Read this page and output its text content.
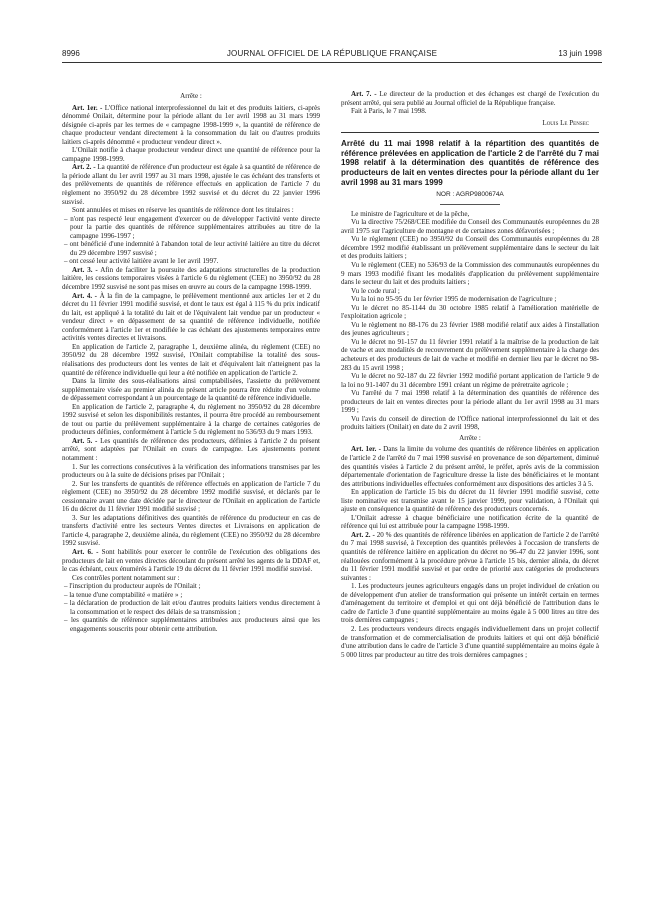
8996	JOURNAL OFFICIEL DE LA RÉPUBLIQUE FRANÇAISE	13 juin 1998

Arrête :

Art. 1er. - L'Office national interprofessionnel du lait et des produits laitiers, ci-après dénommé Onilait, détermine pour la période allant du 1er avril 1998 au 31 mars 1999 désignée ci-après par les termes de « campagne 1998-1999 », la quantité de référence de chaque producteur vendant directement à la consommation du lait ou d'autres produits laitiers ci-après dénommé « producteur vendeur direct ».

L'Onilait notifie à chaque producteur vendeur direct une quantité de référence pour la campagne 1998-1999.

Art. 2. - La quantité de référence d'un producteur est égale à sa quantité de référence de la période allant du 1er avril 1997 au 31 mars 1998, ajustée le cas échéant des transferts et des prélèvements de quantités de référence effectués en application de l'article 7 du règlement no 3950/92 du 28 décembre 1992 susvisé et du décret du 22 janvier 1996 susvisé.

Sont annulées et mises en réserve les quantités de référence dont les titulaires :

– n'ont pas respecté leur engagement d'exercer ou de développer l'activité vente directe pour la partie des quantités de référence supplémentaires attribuées au titre de la campagne 1996-1997 ;

– ont bénéficié d'une indemnité à l'abandon total de leur activité laitière au titre du décret du 29 décembre 1997 susvisé ;

– ont cessé leur activité laitière avant le 1er avril 1997.

Art. 3. - Afin de faciliter la poursuite des adaptations structurelles de la production laitière, les cessions temporaires visées à l'article 6 du règlement (CEE) no 3950/92 du 28 décembre 1992 susvisé ne sont pas mises en œuvre au cours de la campagne 1998-1999.

Art. 4. - À la fin de la campagne, le prélèvement mentionné aux articles 1er et 2 du décret du 11 février 1991 modifié susvisé, et dont le taux est égal à 115 % du prix indicatif du lait, est appliqué à la totalité du lait et de l'équivalent lait vendue par un producteur « vendeur direct » en dépassement de sa quantité de référence individuelle, notifiée conformément à l'article 1er et modifiée le cas échéant des ajustements temporaires entre activités ventes directes et livraisons.

En application de l'article 2, paragraphe 1, deuxième alinéa, du règlement (CEE) no 3950/92 du 28 décembre 1992 susvisé, l'Onilait comptabilise la totalité des sous-réalisations des producteurs dont les ventes de lait et d'équivalent lait n'atteignent pas la quantité de référence individuelle qui leur a été notifiée en application de l'article 2.

Dans la limite des sous-réalisations ainsi comptabilisées, l'assiette du prélèvement supplémentaire visée au premier alinéa du présent article pourra être réduite d'un volume de dépassement correspondant à un pourcentage de la quantité de référence individuelle.

En application de l'article 2, paragraphe 4, du règlement no 3950/92 du 28 décembre 1992 susvisé et selon les disponibilités restantes, il pourra être procédé au remboursement de tout ou partie du prélèvement supplémentaire à la charge de certaines catégories de producteurs définies, conformément à l'article 5 du règlement no 536/93 du 9 mars 1993.

Art. 5. - Les quantités de référence des producteurs, définies à l'article 2 du présent arrêté, sont adaptées par l'Onilait en cours de campagne. Les ajustements portent notamment :

1. Sur les corrections consécutives à la vérification des informations transmises par les producteurs ou à la suite de décisions prises par l'Onilait ;

2. Sur les transferts de quantités de référence effectués en application de l'article 7 du règlement (CEE) no 3950/92 du 28 décembre 1992 modifié susvisé, et déclarés par le cessionnaire avant une date décidée par le directeur de l'Onilait en application de l'article 16 du décret du 11 février 1991 modifié susvisé ;

3. Sur les adaptations définitives des quantités de référence du producteur en cas de transferts d'activité entre les secteurs Ventes directes et Livraisons en application de l'article 4, paragraphe 2, deuxième alinéa, du règlement (CEE) no 3950/92 du 28 décembre 1992 susvisé.

Art. 6. - Sont habilités pour exercer le contrôle de l'exécution des obligations des producteurs de lait en ventes directes découlant du présent arrêté les agents de la DDAF et, le cas échéant, ceux énumérés à l'article 19 du décret du 11 février 1991 modifié susvisé.

Ces contrôles portent notamment sur :

– l'inscription du producteur auprès de l'Onilait ;

– la tenue d'une comptabilité « matière » ;

– la déclaration de production de lait et/ou d'autres produits laitiers vendus directement à la consommation et le respect des délais de sa transmission ;

– les quantités de référence supplémentaires attribuées aux producteurs ainsi que les engagements souscrits pour obtenir cette attribution.

Art. 7. - Le directeur de la production et des échanges est chargé de l'exécution du présent arrêté, qui sera publié au Journal officiel de la République française.

Fait à Paris, le 7 mai 1998.

Louis Le Pensec

Arrêté du 11 mai 1998 relatif à la répartition des quantités de référence prélevées en application de l'article 2 de l'arrêté du 7 mai 1998 relatif à la détermination des quantités de référence des producteurs de lait en ventes directes pour la période allant du 1er avril 1998 au 31 mars 1999

NOR : AGRP9800674A

Le ministre de l'agriculture et de la pêche,

Vu la directive 75/268/CEE modifiée du Conseil des Communautés européennes du 28 avril 1975 sur l'agriculture de montagne et de certaines zones défavorisées ;

Vu le règlement (CEE) no 3950/92 du Conseil des Communautés européennes du 28 décembre 1992 modifié établissant un prélèvement supplémentaire dans le secteur du lait et des produits laitiers ;

Vu le règlement (CEE) no 536/93 de la Commission des communautés européennes du 9 mars 1993 modifié fixant les modalités d'application du prélèvement supplémentaire dans le secteur du lait et des produits laitiers ;

Vu le code rural ;

Vu la loi no 95-95 du 1er février 1995 de modernisation de l'agriculture ;

Vu le décret no 85-1144 du 30 octobre 1985 relatif à l'amélioration matérielle de l'exploitation agricole ;

Vu le règlement no 88-176 du 23 février 1988 modifié relatif aux aides à l'installation des jeunes agriculteurs ;

Vu le décret no 91-157 du 11 février 1991 relatif à la maîtrise de la production de lait de vache et aux modalités de recouvrement du prélèvement supplémentaire à la charge des acheteurs et des producteurs de lait de vache et modifié en dernier lieu par le décret no 98-283 du 15 avril 1998 ;

Vu le décret no 92-187 du 22 février 1992 modifié portant application de l'article 9 de la loi no 91-1407 du 31 décembre 1991 créant un régime de préretraite agricole ;

Vu l'arrêté du 7 mai 1998 relatif à la détermination des quantités de référence des producteurs de lait en ventes directes pour la période allant du 1er avril 1998 au 31 mars 1999 ;

Vu l'avis du conseil de direction de l'Office national interprofessionnel du lait et des produits laitiers (Onilait) en date du 2 avril 1998,

Arrête :

Art. 1er. - Dans la limite du volume des quantités de référence libérées en application de l'article 2 de l'arrêté du 7 mai 1998 susvisé en provenance de son département, diminué des quantités visées à l'article 2 du présent arrêté, le préfet, après avis de la commission départementale d'orientation de l'agriculture dresse la liste des bénéficiaires et le montant des attributions individuelles effectuées conformément aux dispositions des articles 3 à 5.

En application de l'article 15 bis du décret du 11 février 1991 modifié susvisé, cette liste nominative est transmise avant le 15 janvier 1999, pour validation, à l'Onilait qui ajuste en conséquence la quantité de référence des producteurs concernés.

L'Onilait adresse à chaque bénéficiaire une notification écrite de la quantité de référence qui lui est attribuée pour la campagne 1998-1999.

Art. 2. - 20 % des quantités de référence libérées en application de l'article 2 de l'arrêté du 7 mai 1998 susvisé, à l'exception des quantités prélevées à l'occasion de transferts de quantités de référence laitière en application du décret no 96-47 du 22 janvier 1996, sont réallouées conformément à la procédure prévue à l'article 15 bis, dernier alinéa, du décret du 11 février 1991 modifié susvisé et par ordre de priorité aux catégories de producteurs suivantes :

1. Les producteurs jeunes agriculteurs engagés dans un projet individuel de création ou de développement d'un atelier de transformation qui présente un intérêt certain en termes d'aménagement du territoire et d'emploi et qui ont déjà bénéficié de l'attribution dans le cadre de l'article 3 d'une quantité supplémentaire au moins égale à 5 000 litres au titre des trois dernières campagnes ;

2. Les producteurs vendeurs directs engagés individuellement dans un projet collectif de transformation et de commercialisation de produits laitiers et qui ont déjà bénéficié d'une attribution dans le cadre de l'article 3 d'une quantité supplémentaire au moins égale à 5 000 litres par producteur au titre des trois dernières campagnes ;
